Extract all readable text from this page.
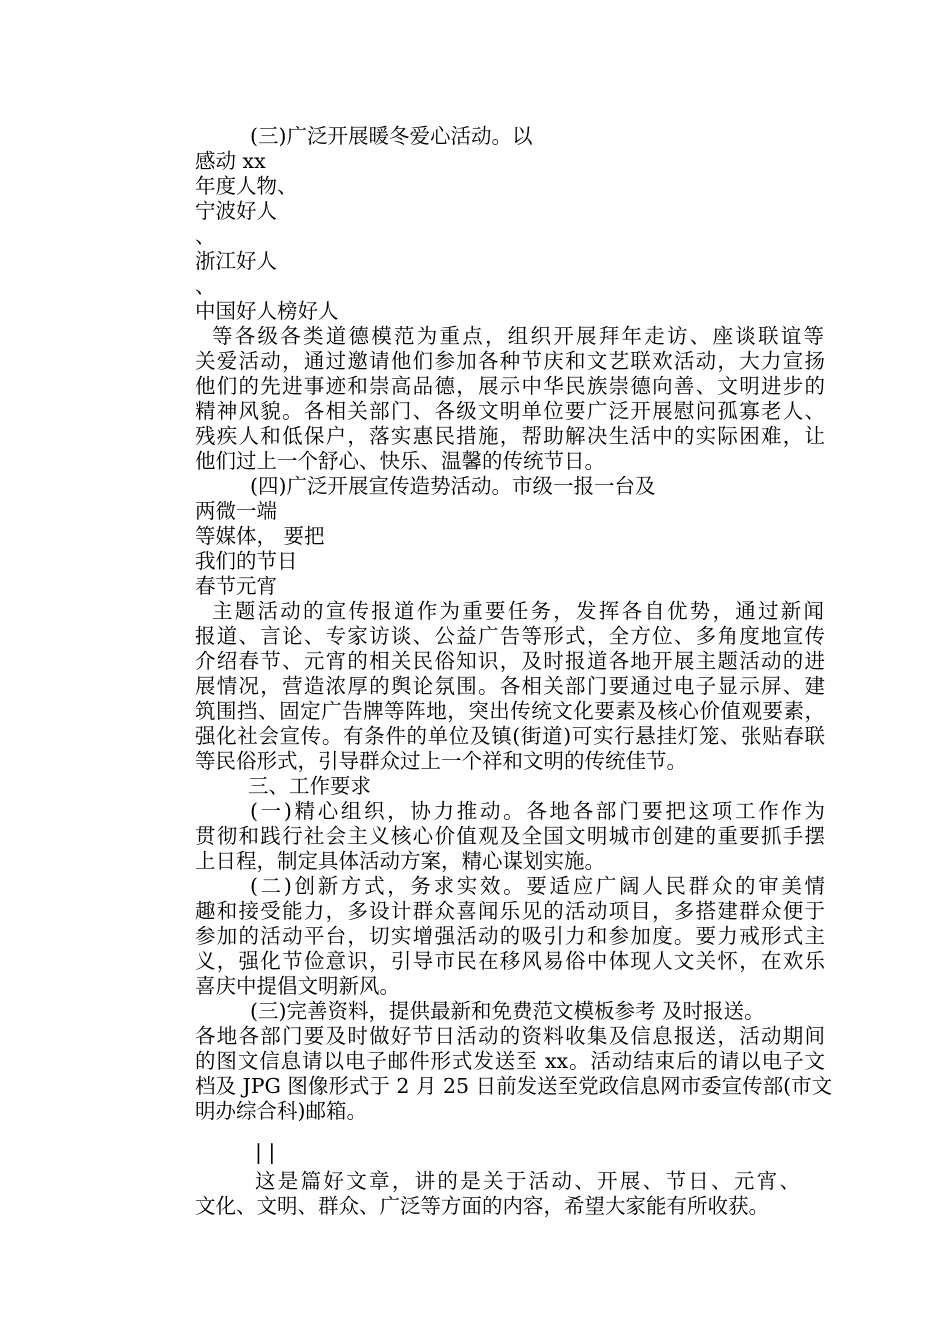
(三)广泛开展暖冬爱心活动。以
感动 xx
年度人物、
宁波好人
、
浙江好人
、
中国好人榜好人
等各级各类道德模范为重点，组织开展拜年走访、座谈联谊等
关爱活动，通过邀请他们参加各种节庆和文艺联欢活动，大力宣扬
他们的先进事迹和崇高品德，展示中华民族崇德向善、文明进步的
精神风貌。各相关部门、各级文明单位要广泛开展慰问孤寡老人、
残疾人和低保户，落实惠民措施，帮助解决生活中的实际困难，让
他们过上一个舒心、快乐、温馨的传统节日。
(四)广泛开展宣传造势活动。市级一报一台及
两微一端
等媒体， 要把
我们的节日
春节元宵
主题活动的宣传报道作为重要任务，发挥各自优势，通过新闻
报道、言论、专家访谈、公益广告等形式，全方位、多角度地宣传
介绍春节、元宵的相关民俗知识，及时报道各地开展主题活动的进
展情况，营造浓厚的舆论氛围。各相关部门要通过电子显示屏、建
筑围挡、固定广告牌等阵地，突出传统文化要素及核心价值观要素，
强化社会宣传。有条件的单位及镇(街道)可实行悬挂灯笼、张贴春联
等民俗形式，引导群众过上一个祥和文明的传统佳节。
三、工作要求
(一)精心组织，协力推动。各地各部门要把这项工作作为
贯彻和践行社会主义核心价值观及全国文明城市创建的重要抓手摆
上日程，制定具体活动方案，精心谋划实施。
(二)创新方式，务求实效。要适应广阔人民群众的审美情
趣和接受能力，多设计群众喜闻乐见的活动项目，多搭建群众便于
参加的活动平台，切实增强活动的吸引力和参加度。要力戒形式主
义，强化节俭意识，引导市民在移风易俗中体现人文关怀，在欢乐
喜庆中提倡文明新风。
(三)完善资料，提供最新和免费范文模板参考 及时报送。
各地各部门要及时做好节日活动的资料收集及信息报送，活动期间
的图文信息请以电子邮件形式发送至 xx。活动结束后的请以电子文
档及 JPG 图像形式于 2 月 25 日前发送至党政信息网市委宣传部(市文
明办综合科)邮箱。
| |
这是篇好文章，讲的是关于活动、开展、节日、元宵、
文化、文明、群众、广泛等方面的内容，希望大家能有所收获。
